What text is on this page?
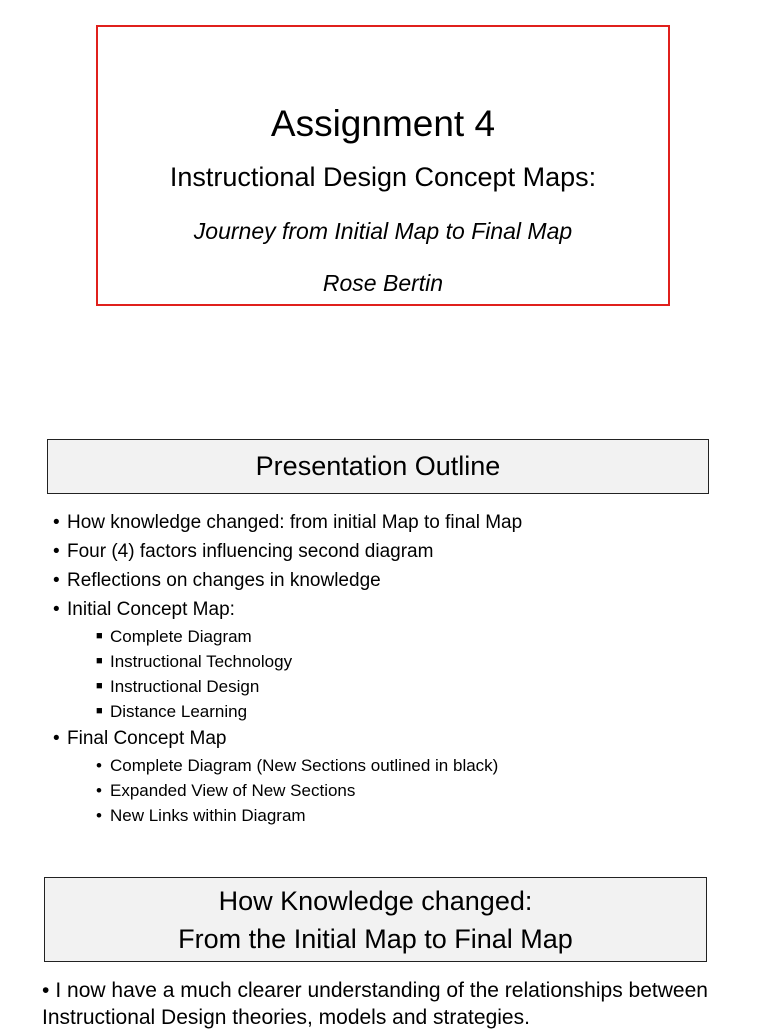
Assignment 4
Instructional Design Concept Maps:
Journey from Initial Map to Final Map
Rose Bertin
Presentation Outline
• How knowledge changed: from initial Map to final Map
• Four (4) factors influencing second diagram
• Reflections on changes in knowledge
• Initial Concept Map:
■ Complete Diagram
■ Instructional Technology
■ Instructional Design
■ Distance Learning
• Final Concept Map
• Complete Diagram (New Sections outlined in black)
• Expanded View of New Sections
• New Links within Diagram
How Knowledge changed:
From the Initial Map to Final Map
• I now have a much clearer understanding of the relationships between Instructional Design theories, models and strategies.
